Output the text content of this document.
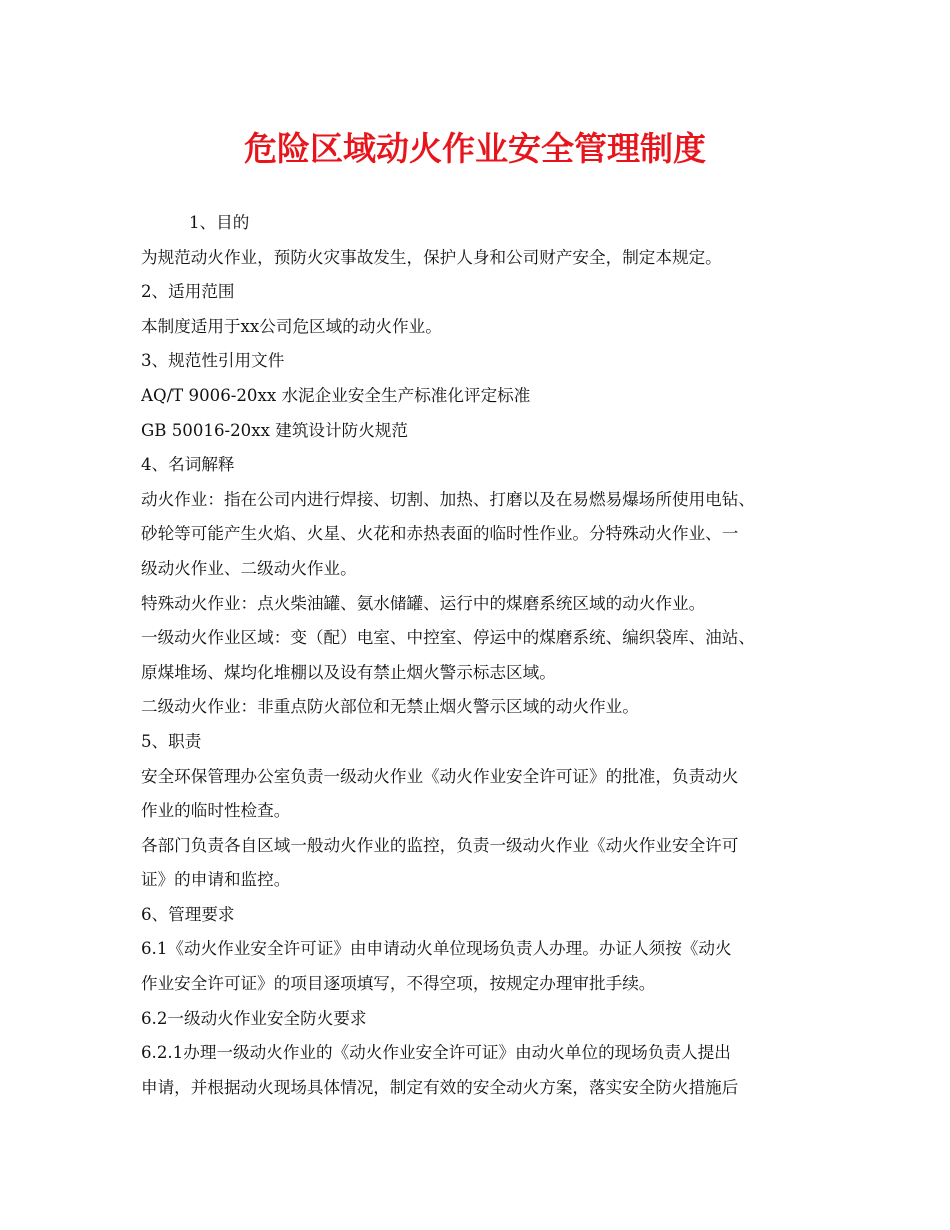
危险区域动火作业安全管理制度
1、目的
为规范动火作业，预防火灾事故发生，保护人身和公司财产安全，制定本规定。
2、适用范围
本制度适用于xx公司危区域的动火作业。
3、规范性引用文件
AQ/T 9006-20xx 水泥企业安全生产标准化评定标准
GB 50016-20xx 建筑设计防火规范
4、名词解释
动火作业：指在公司内进行焊接、切割、加热、打磨以及在易燃易爆场所使用电钻、
砂轮等可能产生火焰、火星、火花和赤热表面的临时性作业。分特殊动火作业、一
级动火作业、二级动火作业。
特殊动火作业：点火柴油罐、氨水储罐、运行中的煤磨系统区域的动火作业。
一级动火作业区域：变（配）电室、中控室、停运中的煤磨系统、编织袋库、油站、
原煤堆场、煤均化堆棚以及设有禁止烟火警示标志区域。
二级动火作业：非重点防火部位和无禁止烟火警示区域的动火作业。
5、职责
安全环保管理办公室负责一级动火作业《动火作业安全许可证》的批准，负责动火
作业的临时性检查。
各部门负责各自区域一般动火作业的监控，负责一级动火作业《动火作业安全许可
证》的申请和监控。
6、管理要求
6.1《动火作业安全许可证》由申请动火单位现场负责人办理。办证人须按《动火
作业安全许可证》的项目逐项填写，不得空项，按规定办理审批手续。
6.2一级动火作业安全防火要求
6.2.1办理一级动火作业的《动火作业安全许可证》由动火单位的现场负责人提出
申请，并根据动火现场具体情况，制定有效的安全动火方案，落实安全防火措施后
